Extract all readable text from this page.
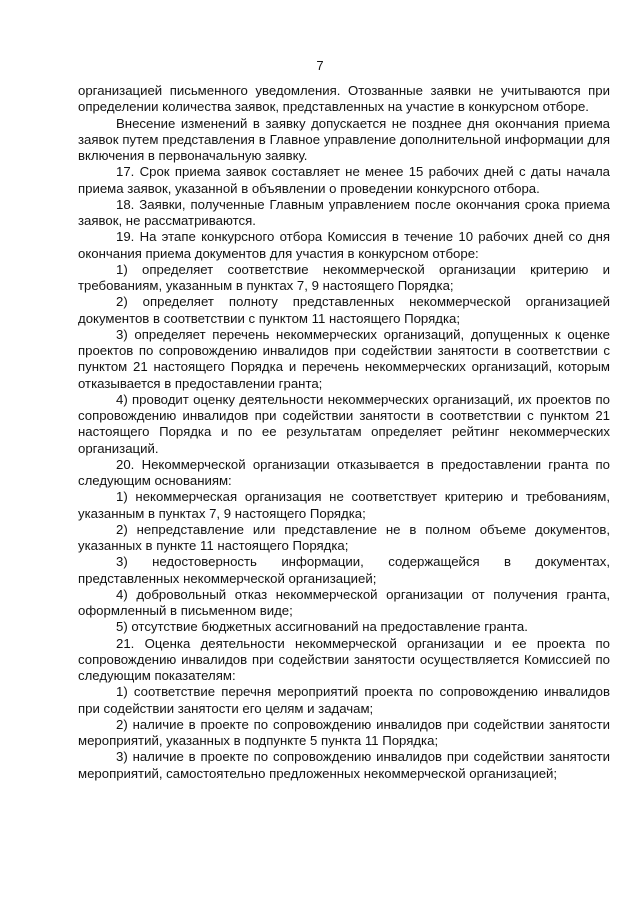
7

организацией письменного уведомления. Отозванные заявки не учитываются при определении количества заявок, представленных на участие в конкурсном отборе.

Внесение изменений в заявку допускается не позднее дня окончания приема заявок путем представления в Главное управление дополнительной информации для включения в первоначальную заявку.

17. Срок приема заявок составляет не менее 15 рабочих дней с даты начала приема заявок, указанной в объявлении о проведении конкурсного отбора.

18. Заявки, полученные Главным управлением после окончания срока приема заявок, не рассматриваются.

19. На этапе конкурсного отбора Комиссия в течение 10 рабочих дней со дня окончания приема документов для участия в конкурсном отборе:

1) определяет соответствие некоммерческой организации критерию и требованиям, указанным в пунктах 7, 9 настоящего Порядка;

2) определяет полноту представленных некоммерческой организацией документов в соответствии с пунктом 11 настоящего Порядка;

3) определяет перечень некоммерческих организаций, допущенных к оценке проектов по сопровождению инвалидов при содействии занятости в соответствии с пунктом 21 настоящего Порядка и перечень некоммерческих организаций, которым отказывается в предоставлении гранта;

4) проводит оценку деятельности некоммерческих организаций, их проектов по сопровождению инвалидов при содействии занятости в соответствии с пунктом 21 настоящего Порядка и по ее результатам определяет рейтинг некоммерческих организаций.

20. Некоммерческой организации отказывается в предоставлении гранта по следующим основаниям:

1) некоммерческая организация не соответствует критерию и требованиям, указанным в пунктах 7, 9 настоящего Порядка;

2) непредставление или представление не в полном объеме документов, указанных в пункте 11 настоящего Порядка;

3) недостоверность информации, содержащейся в документах, представленных некоммерческой организацией;

4) добровольный отказ некоммерческой организации от получения гранта, оформленный в письменном виде;

5) отсутствие бюджетных ассигнований на предоставление гранта.

21. Оценка деятельности некоммерческой организации и ее проекта по сопровождению инвалидов при содействии занятости осуществляется Комиссией по следующим показателям:

1) соответствие перечня мероприятий проекта по сопровождению инвалидов при содействии занятости его целям и задачам;

2) наличие в проекте по сопровождению инвалидов при содействии занятости мероприятий, указанных в подпункте 5 пункта 11 Порядка;

3) наличие в проекте по сопровождению инвалидов при содействии занятости мероприятий, самостоятельно предложенных некоммерческой организацией;
